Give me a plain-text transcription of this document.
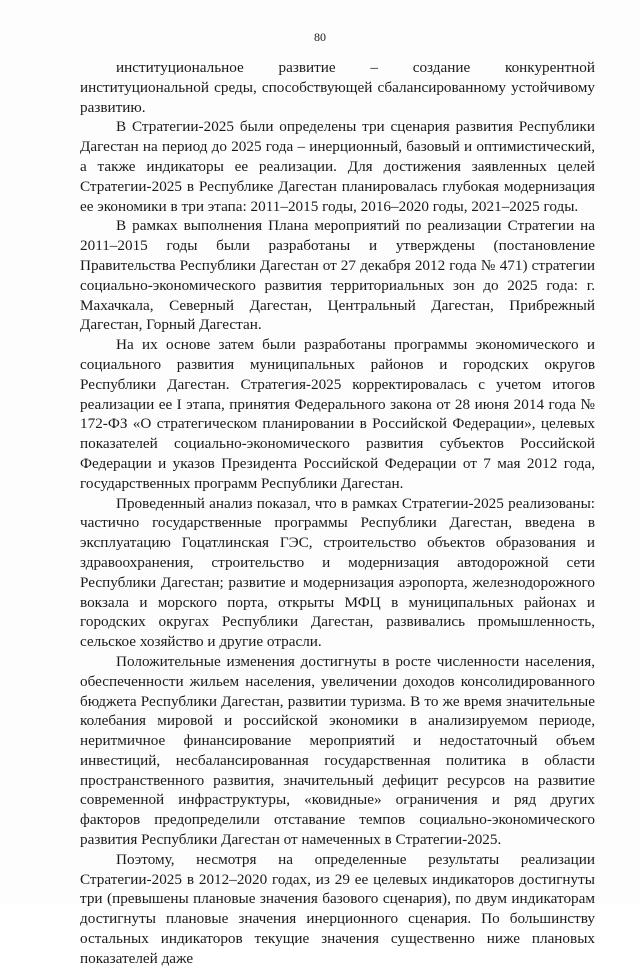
80

институциональное развитие – создание конкурентной институциональной среды, способствующей сбалансированному устойчивому развитию.

В Стратегии-2025 были определены три сценария развития Республики Дагестан на период до 2025 года – инерционный, базовый и оптимистический, а также индикаторы ее реализации. Для достижения заявленных целей Стратегии-2025 в Республике Дагестан планировалась глубокая модернизация ее экономики в три этапа: 2011–2015 годы, 2016–2020 годы, 2021–2025 годы.

В рамках выполнения Плана мероприятий по реализации Стратегии на 2011–2015 годы были разработаны и утверждены (постановление Правительства Республики Дагестан от 27 декабря 2012 года № 471) стратегии социально-экономического развития территориальных зон до 2025 года: г. Махачкала, Северный Дагестан, Центральный Дагестан, Прибрежный Дагестан, Горный Дагестан.

На их основе затем были разработаны программы экономического и социального развития муниципальных районов и городских округов Республики Дагестан. Стратегия-2025 корректировалась с учетом итогов реализации ее I этапа, принятия Федерального закона от 28 июня 2014 года № 172-ФЗ «О стратегическом планировании в Российской Федерации», целевых показателей социально-экономического развития субъектов Российской Федерации и указов Президента Российской Федерации от 7 мая 2012 года, государственных программ Республики Дагестан.

Проведенный анализ показал, что в рамках Стратегии-2025 реализованы: частично государственные программы Республики Дагестан, введена в эксплуатацию Гоцатлинская ГЭС, строительство объектов образования и здравоохранения, строительство и модернизация автодорожной сети Республики Дагестан; развитие и модернизация аэропорта, железнодорожного вокзала и морского порта, открыты МФЦ в муниципальных районах и городских округах Республики Дагестан, развивались промышленность, сельское хозяйство и другие отрасли.

Положительные изменения достигнуты в росте численности населения, обеспеченности жильем населения, увеличении доходов консолидированного бюджета Республики Дагестан, развитии туризма. В то же время значительные колебания мировой и российской экономики в анализируемом периоде, неритмичное финансирование мероприятий и недостаточный объем инвестиций, несбалансированная государственная политика в области пространственного развития, значительный дефицит ресурсов на развитие современной инфраструктуры, «ковидные» ограничения и ряд других факторов предопределили отставание темпов социально-экономического развития Республики Дагестан от намеченных в Стратегии-2025.

Поэтому, несмотря на определенные результаты реализации Стратегии-2025 в 2012–2020 годах, из 29 ее целевых индикаторов достигнуты три (превышены плановые значения базового сценария), по двум индикаторам достигнуты плановые значения инерционного сценария. По большинству остальных индикаторов текущие значения существенно ниже плановых показателей даже
